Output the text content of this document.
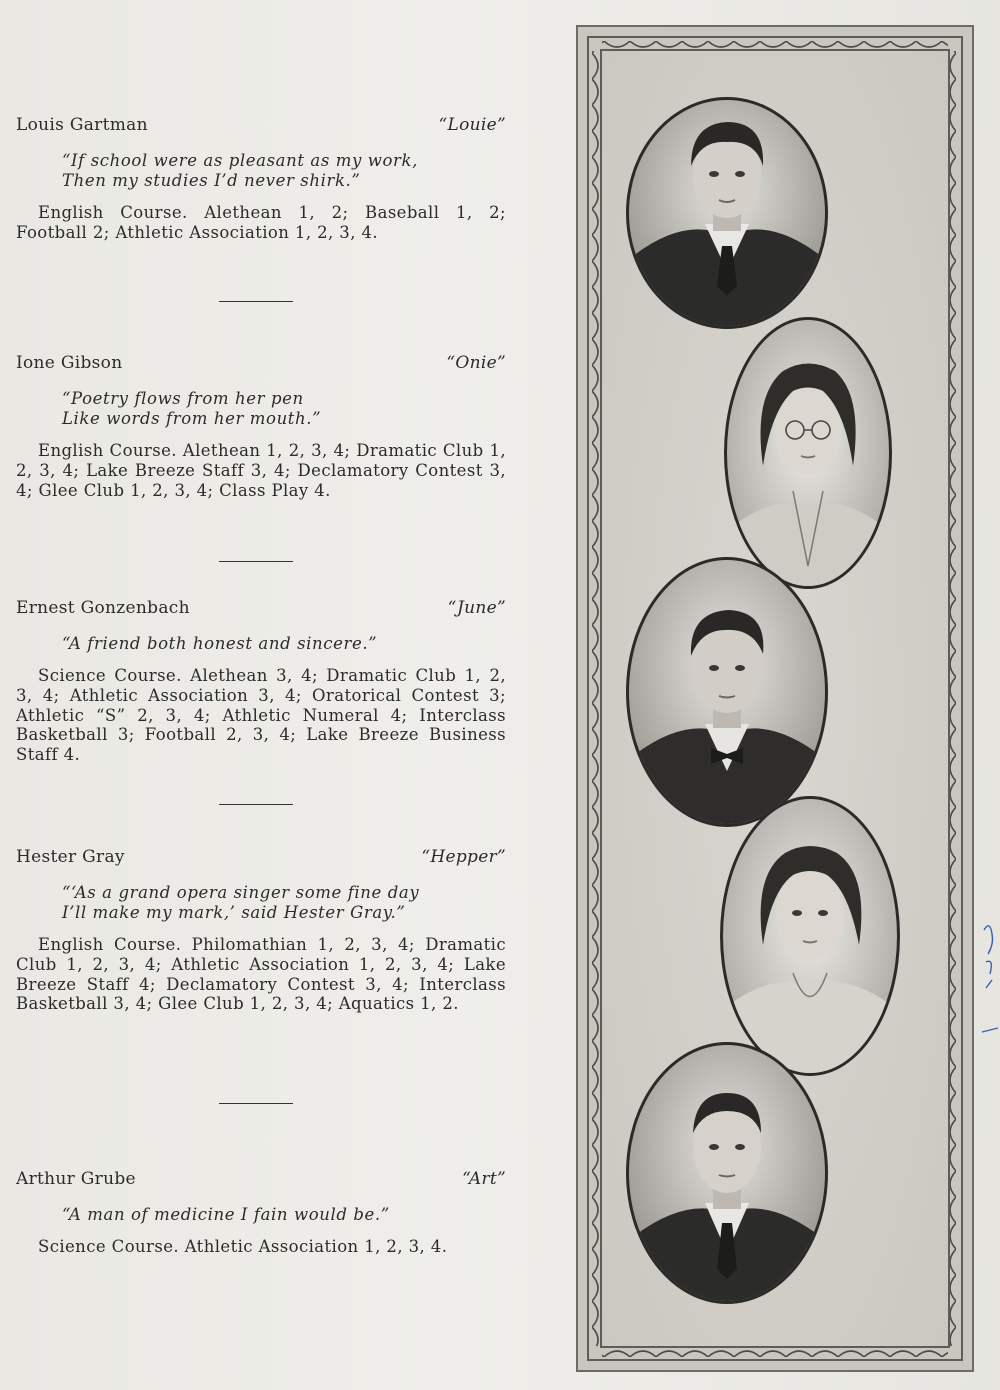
Louis Gartman	“Louie”
“If school were as pleasant as my work,
Then my studies I’d never shirk.”
English Course. Alethean 1, 2; Baseball 1, 2; Football 2; Athletic Association 1, 2, 3, 4.
Ione Gibson	“Onie”
“Poetry flows from her pen
Like words from her mouth.”
English Course. Alethean 1, 2, 3, 4; Dramatic Club 1, 2, 3, 4; Lake Breeze Staff 3, 4; Declamatory Contest 3, 4; Glee Club 1, 2, 3, 4; Class Play 4.
Ernest Gonzenbach	“June”
“A friend both honest and sincere.”
Science Course. Alethean 3, 4; Dramatic Club 1, 2, 3, 4; Athletic Association 3, 4; Oratorical Contest 3; Athletic “S” 2, 3, 4; Athletic Numeral 4; Interclass Basketball 3; Football 2, 3, 4; Lake Breeze Business Staff 4.
Hester Gray	“Hepper”
“‘As a grand opera singer some fine day
I’ll make my mark,’ said Hester Gray.”
English Course. Philomathian 1, 2, 3, 4; Dramatic Club 1, 2, 3, 4; Athletic Association 1, 2, 3, 4; Lake Breeze Staff 4; Declamatory Contest 3, 4; Interclass Basketball 3, 4; Glee Club 1, 2, 3, 4; Aquatics 1, 2.
Arthur Grube	“Art”
“A man of medicine I fain would be.”
Science Course. Athletic Association 1, 2, 3, 4.
